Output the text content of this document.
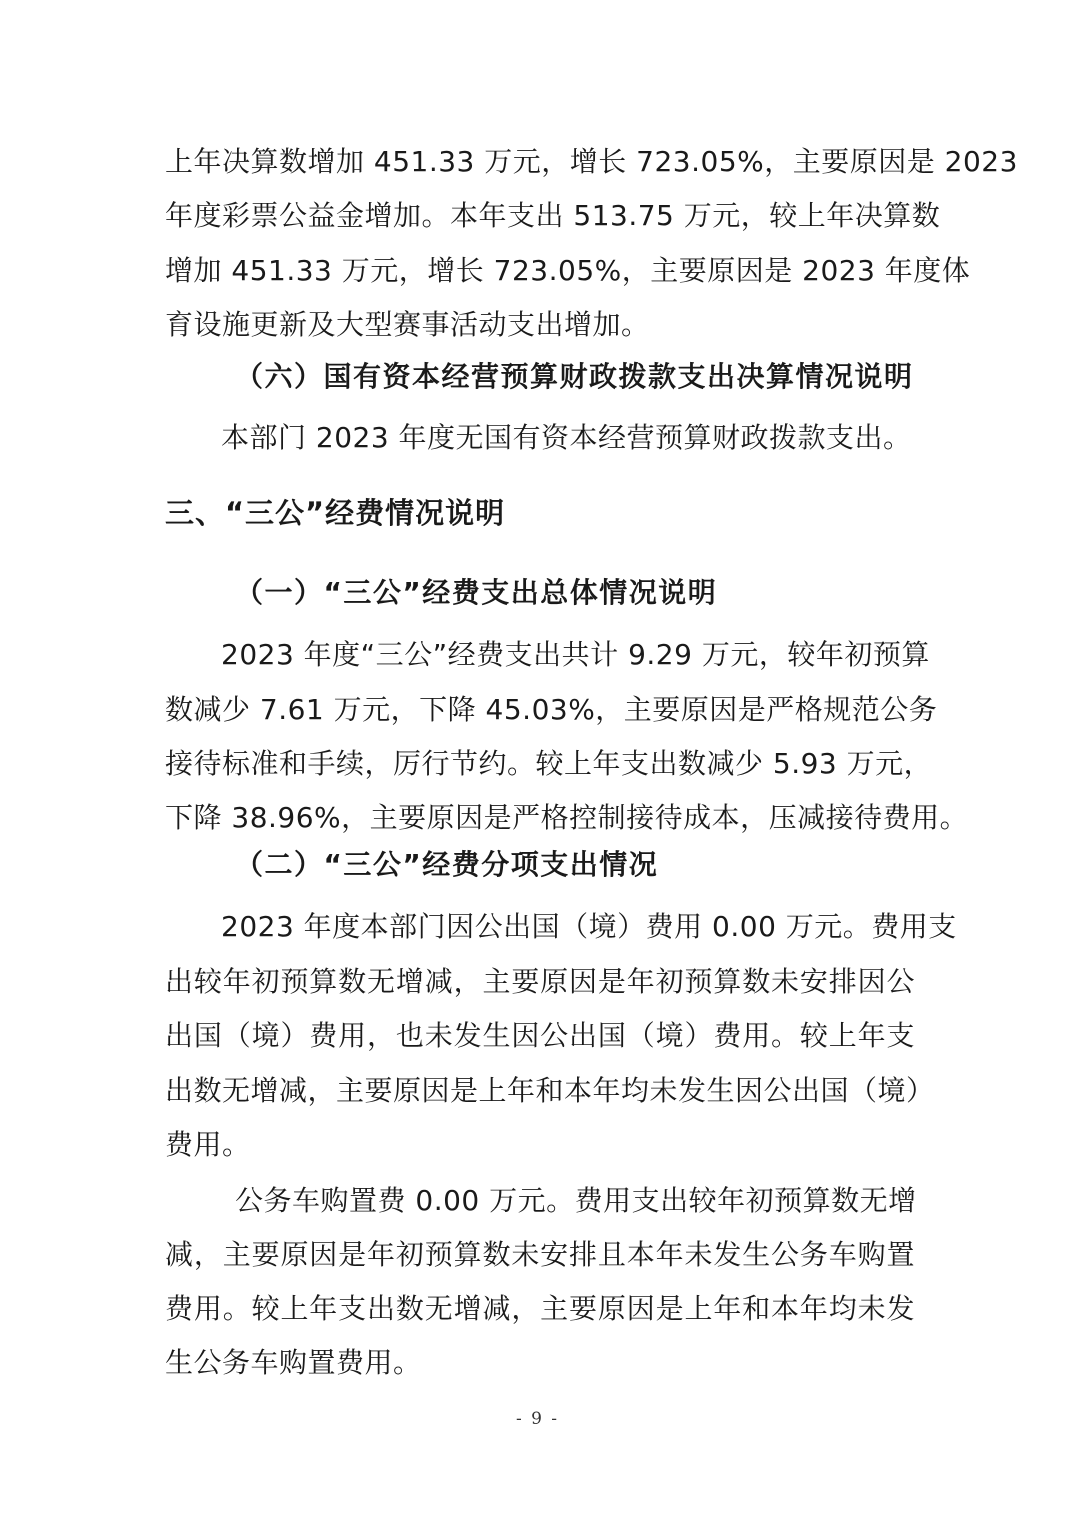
上年决算数增加 451.33 万元，增长 723.05%，主要原因是 2023
年度彩票公益金增加。本年支出 513.75 万元，较上年决算数
增加 451.33 万元，增长 723.05%，主要原因是 2023 年度体
育设施更新及大型赛事活动支出增加。
（六）国有资本经营预算财政拨款支出决算情况说明
本部门 2023 年度无国有资本经营预算财政拨款支出。
三、“三公”经费情况说明
（一）“三公”经费支出总体情况说明
2023 年度“三公”经费支出共计 9.29 万元，较年初预算
数减少 7.61 万元，下降 45.03%，主要原因是严格规范公务
接待标准和手续，厉行节约。较上年支出数减少 5.93 万元，
下降 38.96%，主要原因是严格控制接待成本，压减接待费用。
（二）“三公”经费分项支出情况
2023 年度本部门因公出国（境）费用 0.00 万元。费用支
出较年初预算数无增减，主要原因是年初预算数未安排因公
出国（境）费用，也未发生因公出国（境）费用。较上年支
出数无增减，主要原因是上年和本年均未发生因公出国（境）
费用。
公务车购置费 0.00 万元。费用支出较年初预算数无增
减，主要原因是年初预算数未安排且本年未发生公务车购置
费用。较上年支出数无增减，主要原因是上年和本年均未发
生公务车购置费用。
- 9 -
